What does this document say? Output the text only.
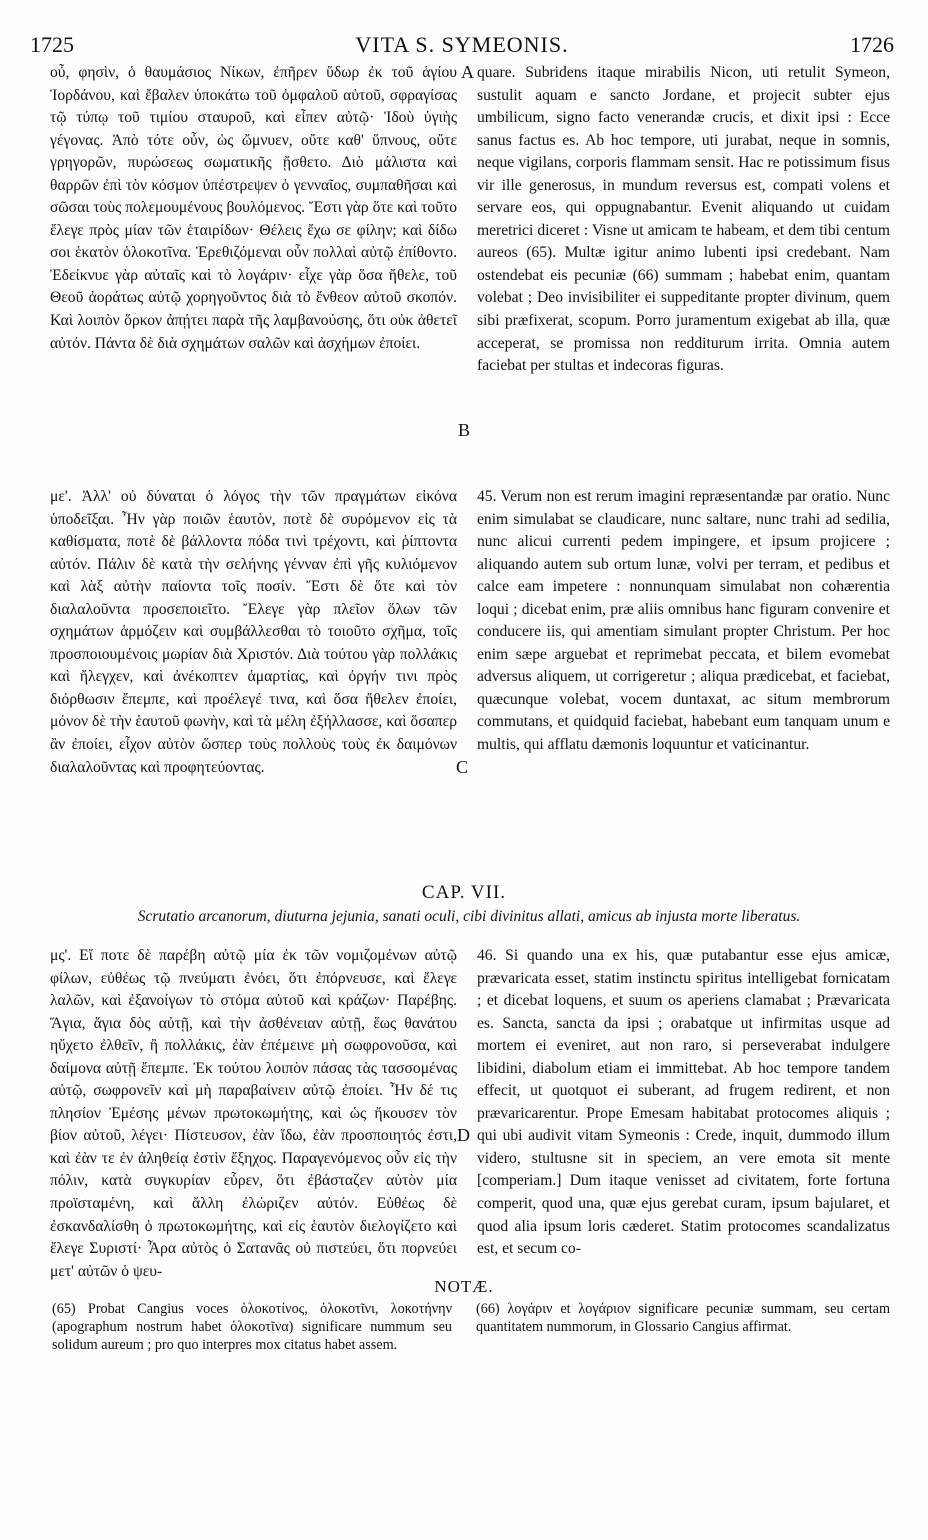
1725	VITA S. SYMEONIS.	1726

οὖ, φησὶν, ὁ θαυμάσιος Νίκων, ἐπῆρεν ὕδωρ ἐκ τοῦ ἁγίου Ἰορδάνου, καὶ ἔβαλεν ὑποκάτω τοῦ ὀμφαλοῦ αὐτοῦ, σφραγίσας τῷ τύπῳ τοῦ τιμίου σταυροῦ, καὶ εἶπεν αὐτῷ· Ἰδοὺ ὑγιὴς γέγονας. Ἀπὸ τότε οὖν, ὡς ὤμνυεν, οὔτε καθ' ὕπνους, οὔτε γρηγορῶν, πυρώσεως σωματικῆς ᾔσθετο. Διὸ μάλιστα καὶ θαρρῶν ἐπὶ τὸν κόσμον ὑπέστρεψεν ὁ γενναῖος, συμπαθῆσαι καὶ σῶσαι τοὺς πολεμουμένους βουλόμενος. Ἔστι γὰρ ὅτε καὶ τοῦτο ἔλεγε πρὸς μίαν τῶν ἑταιρίδων· Θέλεις ἔχω σε φίλην; καὶ δίδω σοι ἑκατὸν ὁλοκοτῖνα. Ἐρεθιζόμεναι οὖν πολλαὶ αὐτῷ ἐπίθοντο. Ἐδείκνυε γὰρ αὐταῖς καὶ τὸ λογάριν· εἶχε γὰρ ὅσα ἤθελε, τοῦ Θεοῦ ἀοράτως αὐτῷ χορηγοῦντος διὰ τὸ ἔνθεον αὐτοῦ σκοπόν. Καὶ λοιπὸν ὅρκον ἀπῄτει παρὰ τῆς λαμβανούσης, ὅτι οὐκ ἀθετεῖ αὐτόν. Πάντα δὲ διὰ σχημάτων σαλῶν καὶ ἀσχήμων ἐποίει.

quare. Subridens itaque mirabilis Nicon, uti retulit Symeon, sustulit aquam e sancto Jordane, et projecit subter ejus umbilicum, signo facto venerandæ crucis, et dixit ipsi : Ecce sanus factus es. Ab hoc tempore, uti jurabat, neque in somnis, neque vigilans, corporis flammam sensit. Hac re potissimum fisus vir ille generosus, in mundum reversus est, compati volens et servare eos, qui oppugnabantur. Evenit aliquando ut cuidam meretrici diceret : Visne ut amicam te habeam, et dem tibi centum aureos (65). Multæ igitur animo lubenti ipsi credebant. Nam ostendebat eis pecuniæ (66) summam ; habebat enim, quantam volebat ; Deo invisibiliter ei suppeditante propter divinum, quem sibi præfixerat, scopum. Porro juramentum exigebat ab illa, quæ acceperat, se promissa non redditurum irrita. Omnia autem faciebat per stultas et indecoras figuras.

με'. Ἀλλ' οὐ δύναται ὁ λόγος τὴν τῶν πραγμάτων εἰκόνα ὑποδεῖξαι. Ἦν γὰρ ποιῶν ἑαυτὸν, ποτὲ δὲ συρόμενον εἰς τὰ καθίσματα, ποτὲ δὲ βάλλοντα πόδα τινὶ τρέχοντι, καὶ ῥίπτοντα αὐτόν. Πάλιν δὲ κατὰ τὴν σελήνης γένναν ἐπὶ γῆς κυλιόμενον καὶ λὰξ αὐτὴν παίοντα τοῖς ποσίν. Ἔστι δὲ ὅτε καὶ τὸν διαλαλοῦντα προσεποιεῖτο. Ἔλεγε γὰρ πλεῖον ὅλων τῶν σχημάτων ἁρμόζειν καὶ συμβάλλεσθαι τὸ τοιοῦτο σχῆμα, τοῖς προσποιουμένοις μωρίαν διὰ Χριστόν. Διὰ τούτου γὰρ πολλάκις καὶ ἤλεγχεν, καὶ ἀνέκοπτεν ἁμαρτίας, καὶ ὀργήν τινι πρὸς διόρθωσιν ἔπεμπε, καὶ προέλεγέ τινα, καὶ ὅσα ἤθελεν ἐποίει, μόνον δὲ τὴν ἑαυτοῦ φωνὴν, καὶ τὰ μέλη ἐξήλλασσε, καὶ ὅσαπερ ἂν ἐποίει, εἶχον αὐτὸν ὥσπερ τοὺς πολλοὺς τοὺς ἐκ δαιμόνων διαλαλοῦντας καὶ προφητεύοντας.

45. Verum non est rerum imagini repræsentandæ par oratio. Nunc enim simulabat se claudicare, nunc saltare, nunc trahi ad sedilia, nunc alicui currenti pedem impingere, et ipsum projicere ; aliquando autem sub ortum lunæ, volvi per terram, et pedibus et calce eam impetere : nonnunquam simulabat non cohærentia loqui ; dicebat enim, præ aliis omnibus hanc figuram convenire et conducere iis, qui amentiam simulant propter Christum. Per hoc enim sæpe arguebat et reprimebat peccata, et bilem evomebat adversus aliquem, ut corrigeretur ; aliqua prædicebat, et faciebat, quæcunque volebat, vocem duntaxat, ac situm membrorum commutans, et quidquid faciebat, habebant eum tanquam unum e multis, qui afflatu dæmonis loquuntur et vaticinantur.

CAP. VII.
Scrutatio arcanorum, diuturna jejunia, sanati oculi, cibi divinitus allati, amicus ab injusta morte liberatus.

μς'. Εἴ ποτε δὲ παρέβη αὐτῷ μία ἐκ τῶν νομιζομένων αὐτῷ φίλων, εὐθέως τῷ πνεύματι ἐνόει, ὅτι ἐπόρνευσε, καὶ ἔλεγε λαλῶν, καὶ ἐξανοίγων τὸ στόμα αὐτοῦ καὶ κράζων· Παρέβης. Ἅγια, ἅγια δὸς αὐτῇ, καὶ τὴν ἀσθένειαν αὐτῇ, ἕως θανάτου ηὔχετο ἐλθεῖν, ἢ πολλάκις, ἐὰν ἐπέμεινε μὴ σωφρονοῦσα, καὶ δαίμονα αὐτῇ ἔπεμπε. Ἐκ τούτου λοιπὸν πάσας τὰς τασσομένας αὐτῷ, σωφρονεῖν καὶ μὴ παραβαίνειν αὐτῷ ἐποίει. Ἦν δέ τις πλησίον Ἐμέσης μένων πρωτοκωμήτης, καὶ ὡς ἤκουσεν τὸν βίον αὐτοῦ, λέγει· Πίστευσον, ἐὰν ἴδω, ἐὰν προσποιητός ἐστι, καὶ ἐὰν τε ἐν ἀληθείᾳ ἐστὶν ἔξηχος. Παραγενόμενος οὖν εἰς τὴν πόλιν, κατὰ συγκυρίαν εὗρεν, ὅτι ἐβάσταζεν αὐτὸν μία προϊσταμένη, καὶ ἄλλη ἐλώριζεν αὐτόν. Εὐθέως δὲ ἐσκανδαλίσθη ὁ πρωτοκωμήτης, καὶ εἰς ἑαυτὸν διελογίζετο καὶ ἔλεγε Συριστί· Ἆρα αὐτὸς ὁ Σατανᾶς οὐ πιστεύει, ὅτι πορνεύει μετ' αὐτῶν ὁ ψευ-

46. Si quando una ex his, quæ putabantur esse ejus amicæ, prævaricata esset, statim instinctu spiritus intelligebat fornicatam ; et dicebat loquens, et suum os aperiens clamabat ; Prævaricata es. Sancta, sancta da ipsi ; orabatque ut infirmitas usque ad mortem ei eveniret, aut non raro, si perseverabat indulgere libidini, diabolum etiam ei immittebat. Ab hoc tempore tandem effecit, ut quotquot ei suberant, ad frugem redirent, et non prævaricarentur. Prope Emesam habitabat protocomes aliquis ; qui ubi audivit vitam Symeonis : Crede, inquit, dummodo illum videro, stultusne sit in speciem, an vere emota sit mente [comperiam.] Dum itaque venisset ad civitatem, forte fortuna comperit, quod una, quæ ejus gerebat curam, ipsum bajularet, et quod alia ipsum loris cæderet. Statim protocomes scandalizatus est, et secum co-

A
B
C
D
NOTÆ.
(65) Probat Cangius voces ὁλοκοτίνος, ὁλοκοτῖνι, λοκοτήνην (apographum nostrum habet ὁλοκοτῖνα) significare nummum seu solidum aureum ; pro quo interpres mox citatus habet assem.
(66) λογάριν et λογάριον significare pecuniæ summam, seu certam quantitatem nummorum, in Glossario Cangius affirmat.
